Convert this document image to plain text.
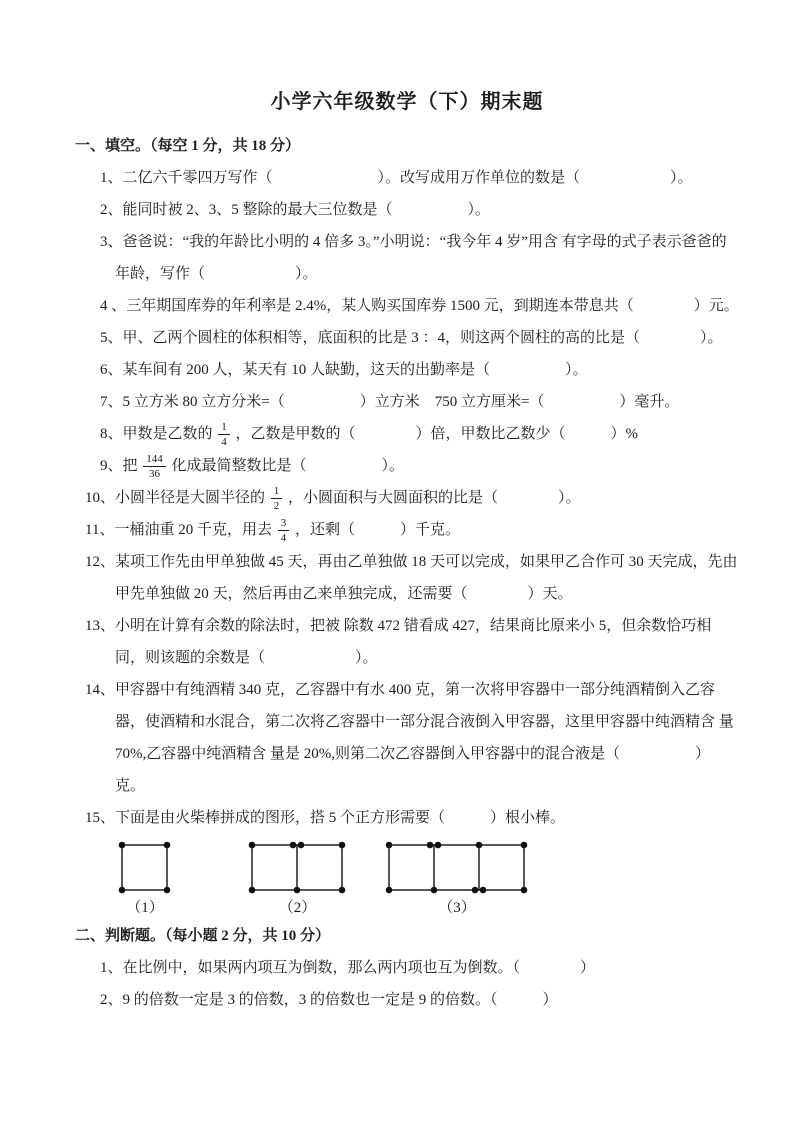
小学六年级数学（下）期末题

一、填空。（每空 1 分，共 18 分）

1、二亿六千零四万写作（　　　　　　　）。改写成用万作单位的数是（　　　　　　）。

2、能同时被 2、3、5 整除的最大三位数是（　　　　　）。

3、爸爸说：“我的年龄比小明的 4 倍多 3。”小明说：“我今年 4 岁”用含 有字母的式子表示爸爸的年龄，写作（　　　　　　）。

4 、三年期国库券的年利率是 2.4%，某人购买国库券 1500 元，到期连本带息共（　　　　）元。

5、甲、乙两个圆柱的体积相等，底面积的比是 3 ：4，则这两个圆柱的高的比是（　　　　）。

6、某车间有 200 人，某天有 10 人缺勤，这天的出勤率是（　　　　　）。

7、5 立方米 80 立方分米=（　　　　　）立方米　750 立方厘米=（　　　　　）毫升。

8、甲数是乙数的 $\frac{1}{4}$ ，乙数是甲数的（　　　　）倍，甲数比乙数少（　　　）%

9、把 $\frac{144}{36}$ 化成最简整数比是（　　　　　）。

10、小圆半径是大圆半径的 $\frac{1}{2}$ ，小圆面积与大圆面积的比是（　　　　）。

11、一桶油重 20 千克，用去 $\frac{3}{4}$ ，还剩（　　　）千克。

12、某项工作先由甲单独做 45 天，再由乙单独做 18 天可以完成，如果甲乙合作可 30 天完成，先由甲先单独做 20 天，然后再由乙来单独完成，还需要（　　　　）天。

13、小明在计算有余数的除法时，把被 除数 472 错看成 427，结果商比原来小 5，但余数恰巧相同，则该题的余数是（　　　　　　）。

14、甲容器中有纯酒精 340 克，乙容器中有水 400 克，第一次将甲容器中一部分纯酒精倒入乙容器，使酒精和水混合，第二次将乙容器中一部分混合液倒入甲容器，这里甲容器中纯酒精含 量 70%,乙容器中纯酒精含 量是 20%,则第二次乙容器倒入甲容器中的混合液是（　　　　　）克。

15、下面是由火柴棒拼成的图形，搭 5 个正方形需要（　　　）根小棒。

（1）	（2）	（3）

二、判断题。（每小题 2 分，共 10 分）

1、在比例中，如果两内项互为倒数，那么两内项也互为倒数。（　　　　）

2、9 的倍数一定是 3 的倍数，3 的倍数也一定是 9 的倍数。（　　　）
